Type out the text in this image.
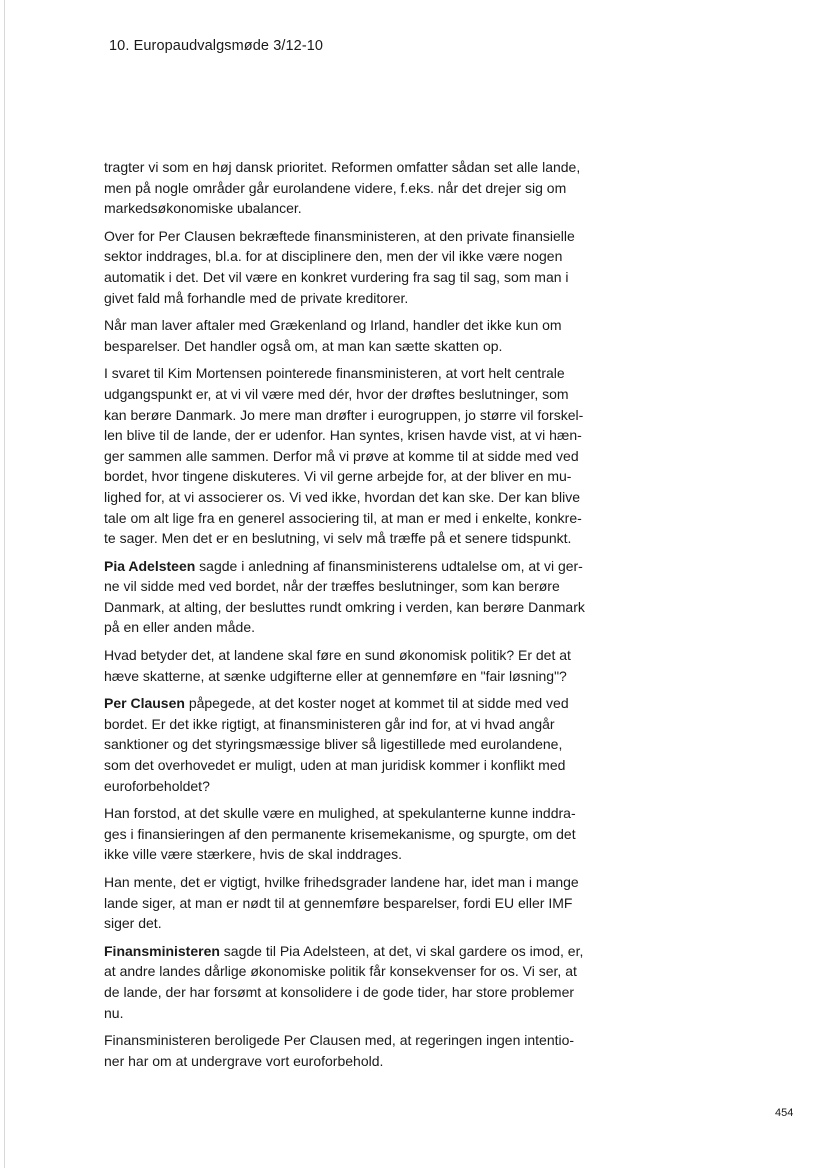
10. Europaudvalgsmøde 3/12-10

tragter vi som en høj dansk prioritet. Reformen omfatter sådan set alle lande,
men på nogle områder går eurolandene videre, f.eks. når det drejer sig om
markedsøkonomiske ubalancer.

Over for Per Clausen bekræftede finansministeren, at den private finansielle
sektor inddrages, bl.a. for at disciplinere den, men der vil ikke være nogen
automatik i det. Det vil være en konkret vurdering fra sag til sag, som man i
givet fald må forhandle med de private kreditorer.

Når man laver aftaler med Grækenland og Irland, handler det ikke kun om
besparelser. Det handler også om, at man kan sætte skatten op.

I svaret til Kim Mortensen pointerede finansministeren, at vort helt centrale
udgangspunkt er, at vi vil være med dér, hvor der drøftes beslutninger, som
kan berøre Danmark. Jo mere man drøfter i eurogruppen, jo større vil forskel-
len blive til de lande, der er udenfor. Han syntes, krisen havde vist, at vi hæn-
ger sammen alle sammen. Derfor må vi prøve at komme til at sidde med ved
bordet, hvor tingene diskuteres. Vi vil gerne arbejde for, at der bliver en mu-
lighed for, at vi associerer os. Vi ved ikke, hvordan det kan ske. Der kan blive
tale om alt lige fra en generel associering til, at man er med i enkelte, konkre-
te sager. Men det er en beslutning, vi selv må træffe på et senere tidspunkt.

Pia Adelsteen sagde i anledning af finansministerens udtalelse om, at vi ger-
ne vil sidde med ved bordet, når der træffes beslutninger, som kan berøre
Danmark, at alting, der besluttes rundt omkring i verden, kan berøre Danmark
på en eller anden måde.

Hvad betyder det, at landene skal føre en sund økonomisk politik? Er det at
hæve skatterne, at sænke udgifterne eller at gennemføre en "fair løsning"?

Per Clausen påpegede, at det koster noget at kommet til at sidde med ved
bordet. Er det ikke rigtigt, at finansministeren går ind for, at vi hvad angår
sanktioner og det styringsmæssige bliver så ligestillede med eurolandene,
som det overhovedet er muligt, uden at man juridisk kommer i konflikt med
euroforbeholdet?

Han forstod, at det skulle være en mulighed, at spekulanterne kunne inddra-
ges i finansieringen af den permanente krisemekanisme, og spurgte, om det
ikke ville være stærkere, hvis de skal inddrages.

Han mente, det er vigtigt, hvilke frihedsgrader landene har, idet man i mange
lande siger, at man er nødt til at gennemføre besparelser, fordi EU eller IMF
siger det.

Finansministeren sagde til Pia Adelsteen, at det, vi skal gardere os imod, er,
at andre landes dårlige økonomiske politik får konsekvenser for os. Vi ser, at
de lande, der har forsømt at konsolidere i de gode tider, har store problemer
nu.

Finansministeren beroligede Per Clausen med, at regeringen ingen intentio-
ner har om at undergrave vort euroforbehold.

454
